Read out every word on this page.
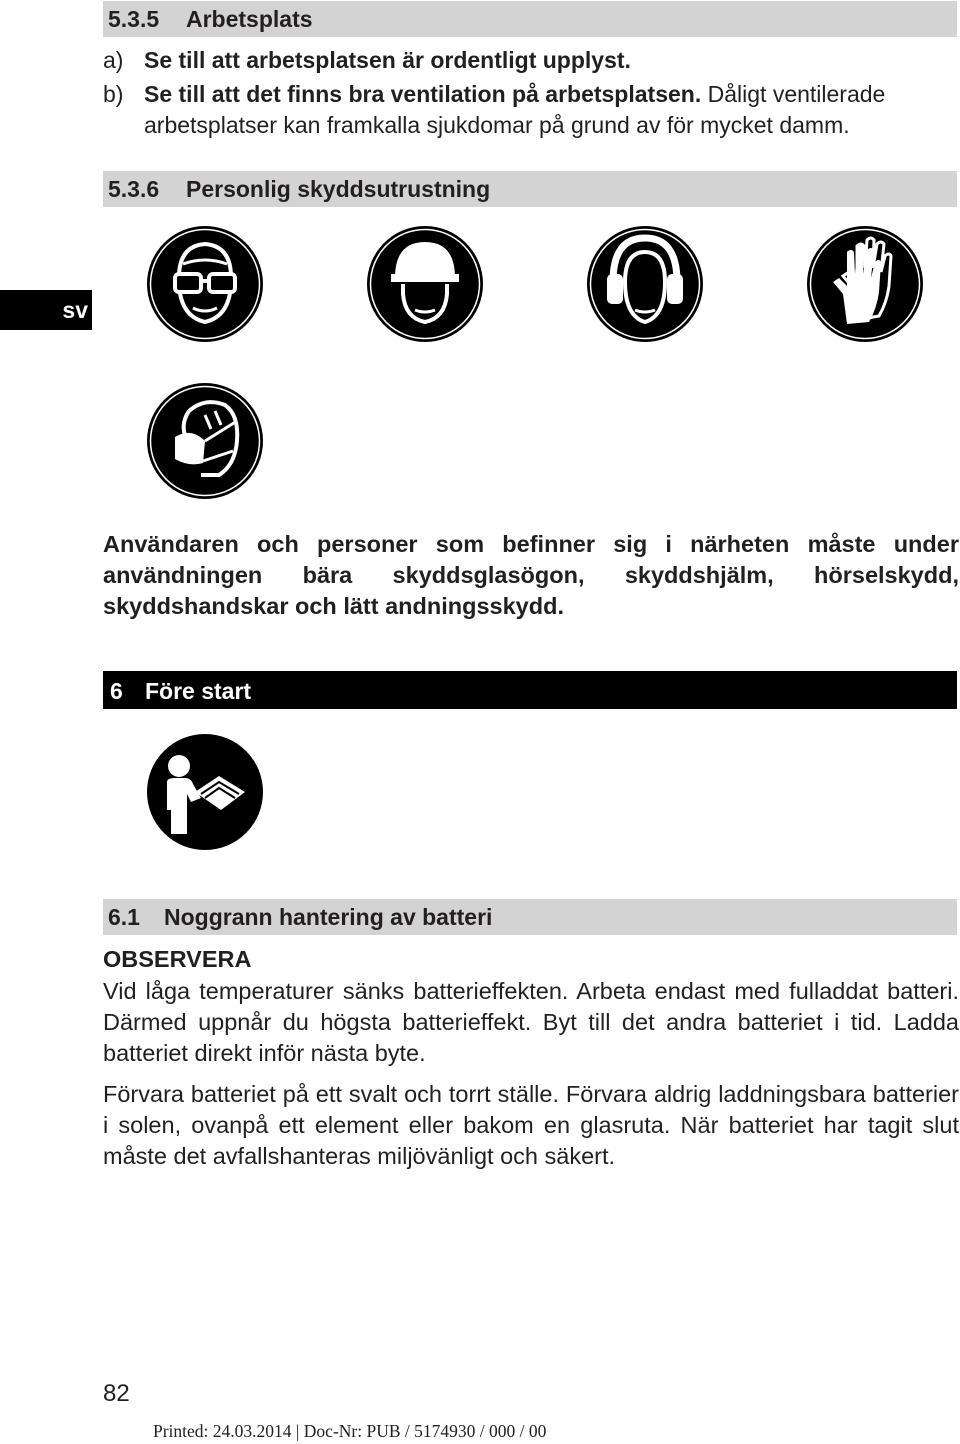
5.3.5 Arbetsplats
a) Se till att arbetsplatsen är ordentligt upplyst.
b) Se till att det finns bra ventilation på arbetsplatsen. Dåligt ventilerade arbetsplatser kan framkalla sjukdomar på grund av för mycket damm.
5.3.6 Personlig skyddsutrustning
sv
Användaren och personer som befinner sig i närheten måste under användningen bära skyddsglasögon, skyddshjälm, hörselskydd, skyddshandskar och lätt andningsskydd.
6 Före start
6.1 Noggrann hantering av batteri
OBSERVERA
Vid låga temperaturer sänks batterieffekten. Arbeta endast med fulladdat batteri. Därmed uppnår du högsta batterieffekt. Byt till det andra batteriet i tid. Ladda batteriet direkt inför nästa byte.
Förvara batteriet på ett svalt och torrt ställe. Förvara aldrig laddningsbara batterier i solen, ovanpå ett element eller bakom en glasruta. När batteriet har tagit slut måste det avfallshanteras miljövänligt och säkert.
82
Printed: 24.03.2014 | Doc-Nr: PUB / 5174930 / 000 / 00
